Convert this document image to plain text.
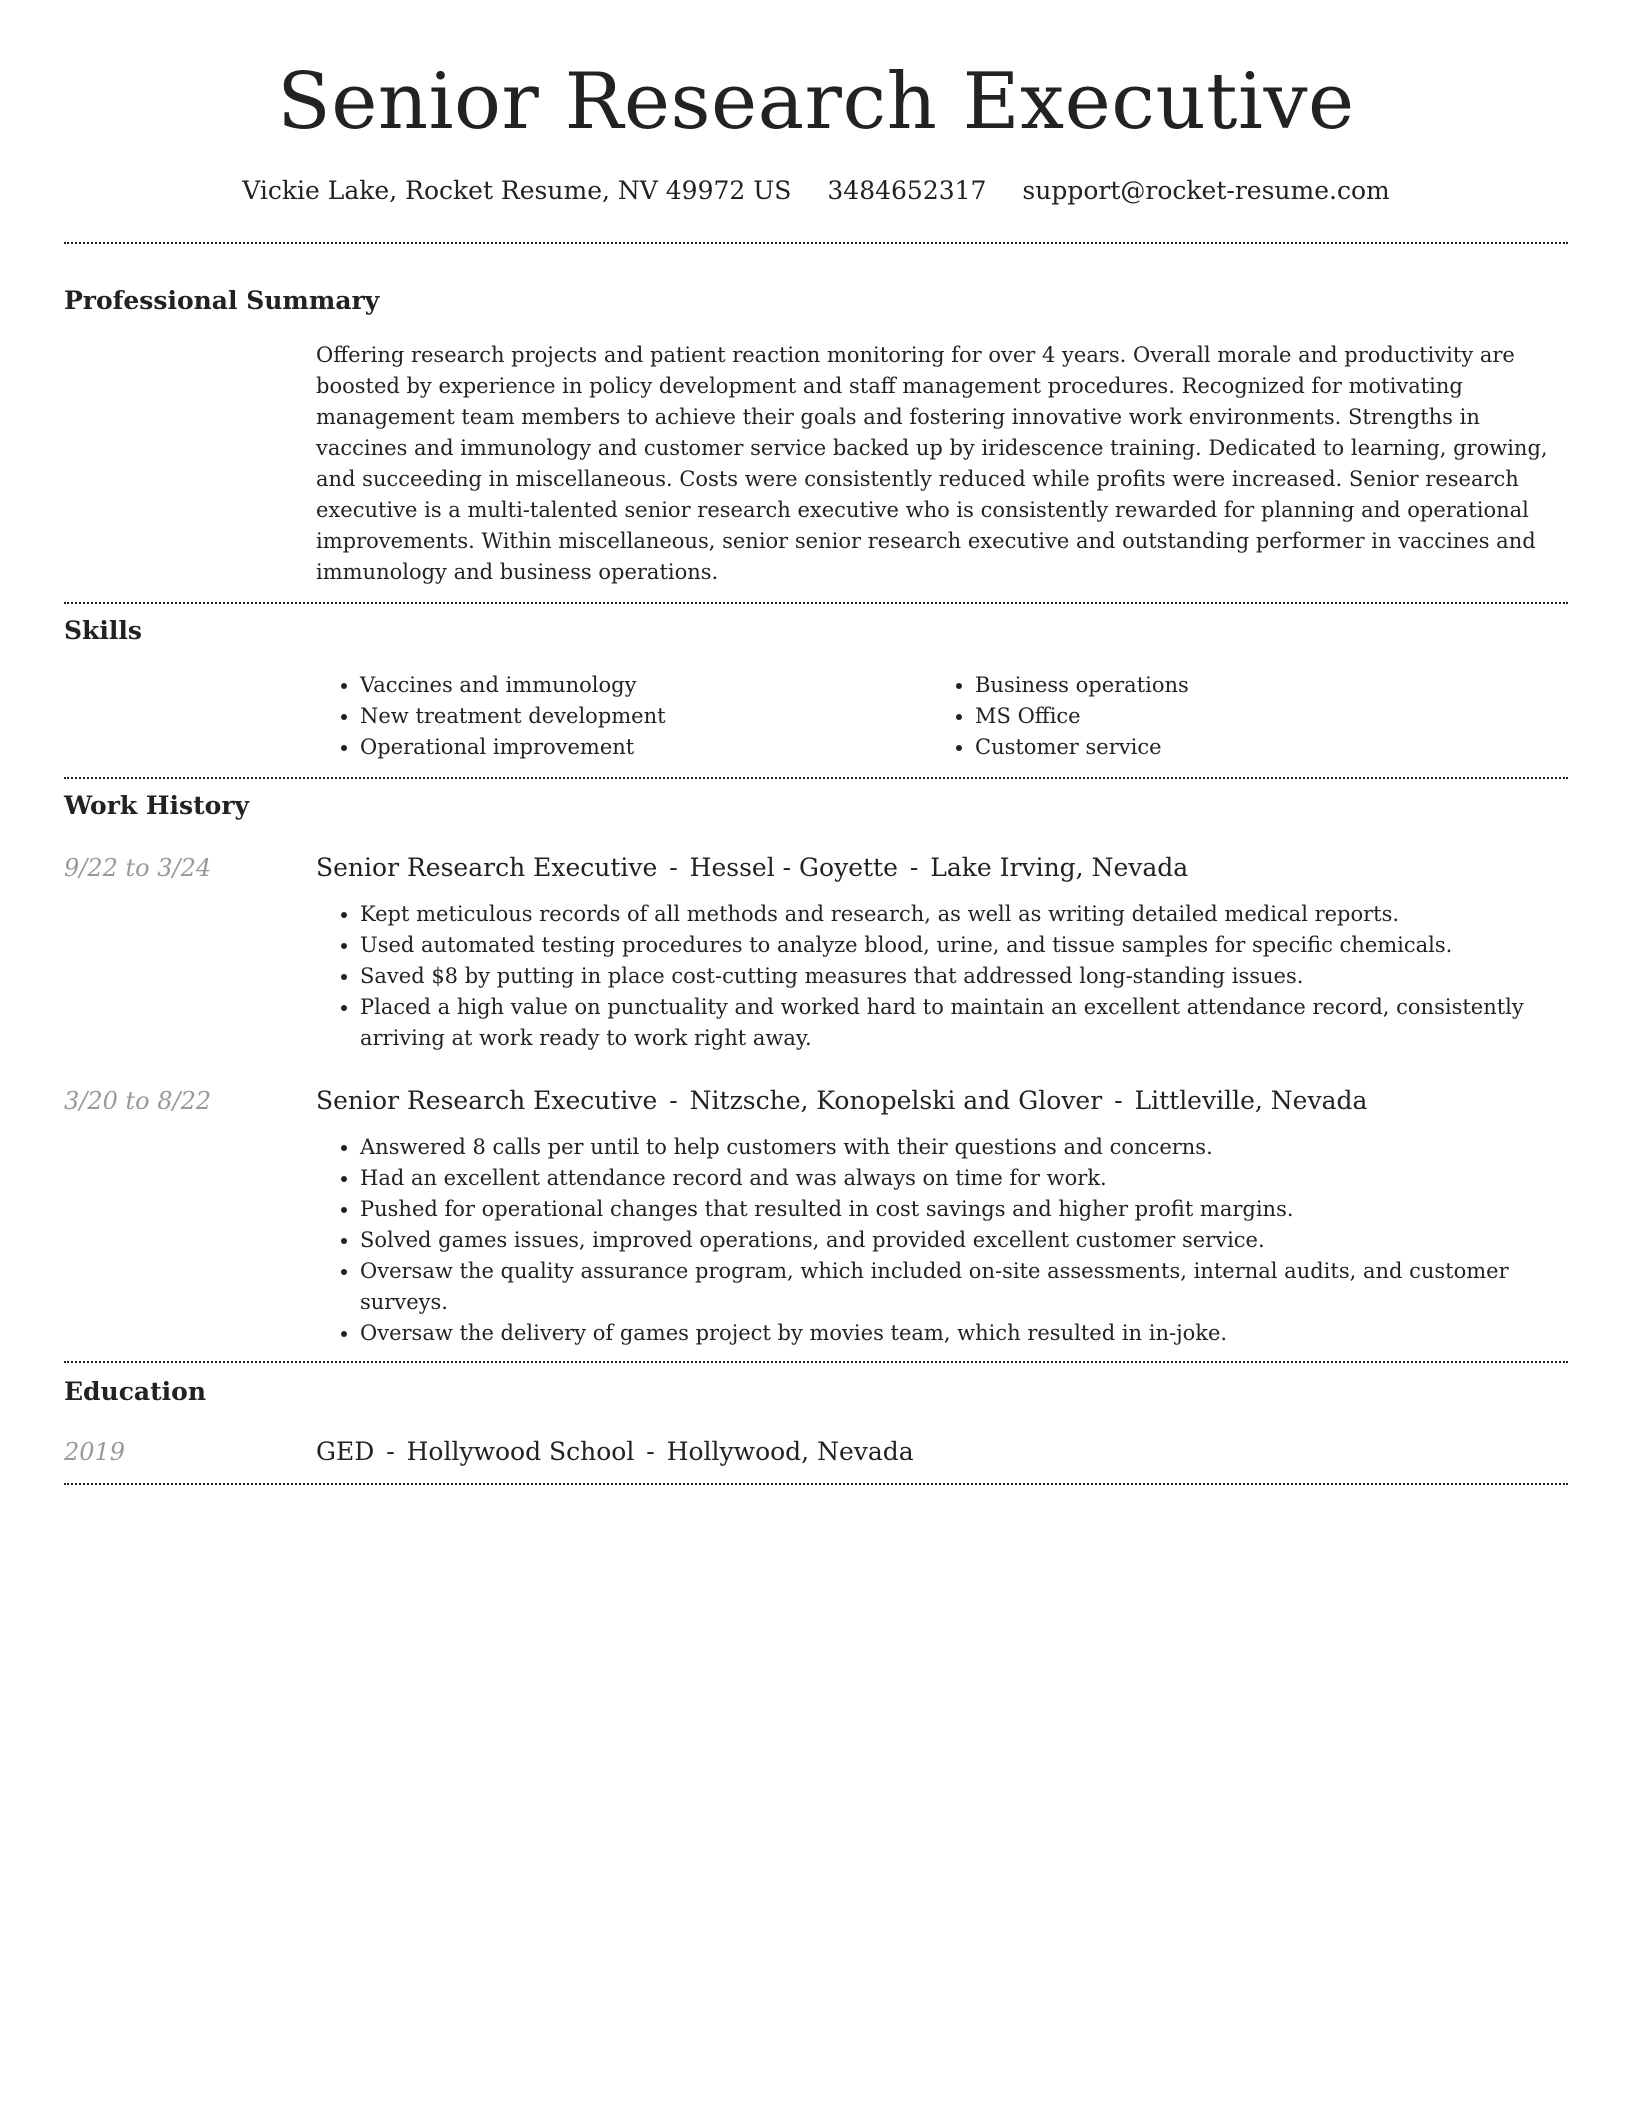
Senior Research Executive
Vickie Lake, Rocket Resume, NV 49972 US 3484652317 support@rocket-resume.com
Professional Summary
Offering research projects and patient reaction monitoring for over 4 years. Overall morale and productivity are boosted by experience in policy development and staff management procedures. Recognized for motivating management team members to achieve their goals and fostering innovative work environments. Strengths in vaccines and immunology and customer service backed up by iridescence training. Dedicated to learning, growing, and succeeding in miscellaneous. Costs were consistently reduced while profits were increased. Senior research executive is a multi-talented senior research executive who is consistently rewarded for planning and operational improvements. Within miscellaneous, senior senior research executive and outstanding performer in vaccines and immunology and business operations.
Skills
• Vaccines and immunology
• New treatment development
• Operational improvement
• Business operations
• MS Office
• Customer service
Work History
9/22 to 3/24	Senior Research Executive - Hessel - Goyette - Lake Irving, Nevada
• Kept meticulous records of all methods and research, as well as writing detailed medical reports.
• Used automated testing procedures to analyze blood, urine, and tissue samples for specific chemicals.
• Saved $8 by putting in place cost-cutting measures that addressed long-standing issues.
• Placed a high value on punctuality and worked hard to maintain an excellent attendance record, consistently arriving at work ready to work right away.
3/20 to 8/22	Senior Research Executive - Nitzsche, Konopelski and Glover - Littleville, Nevada
• Answered 8 calls per until to help customers with their questions and concerns.
• Had an excellent attendance record and was always on time for work.
• Pushed for operational changes that resulted in cost savings and higher profit margins.
• Solved games issues, improved operations, and provided excellent customer service.
• Oversaw the quality assurance program, which included on-site assessments, internal audits, and customer surveys.
• Oversaw the delivery of games project by movies team, which resulted in in-joke.
Education
2019	GED - Hollywood School - Hollywood, Nevada
